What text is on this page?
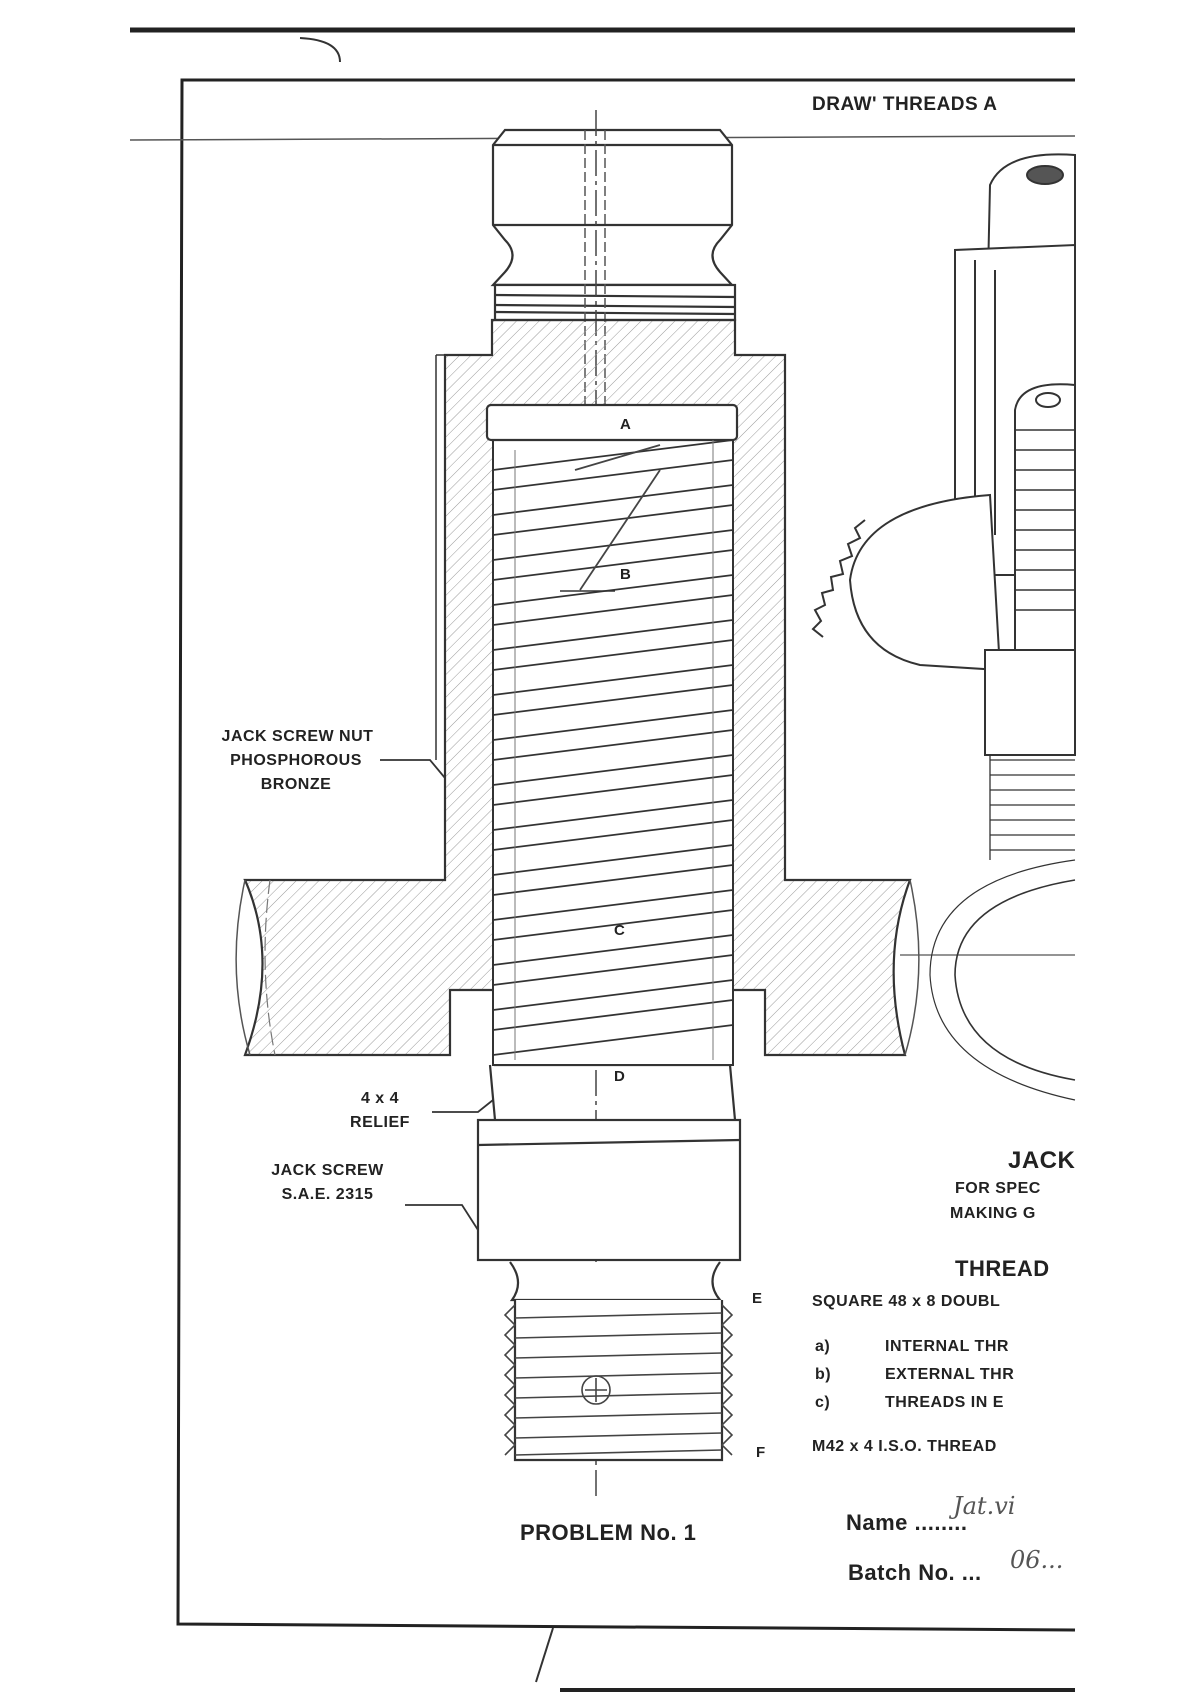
DRAW' THREADS A
JACK SCREW NUT
PHOSPHOROUS
BRONZE
4 x 4
RELIEF
JACK SCREW
S.A.E. 2315
A
B
C
D
E
F
JACK
FOR SPEC
MAKING G
THREAD
SQUARE 48 x 8 DOUBL
a)	INTERNAL THR
b)	EXTERNAL THR
c)	THREADS IN E
M42 x 4 I.S.O. THREAD
PROBLEM No. 1	Name ........
Jat.vi
Batch No. ... 06...
